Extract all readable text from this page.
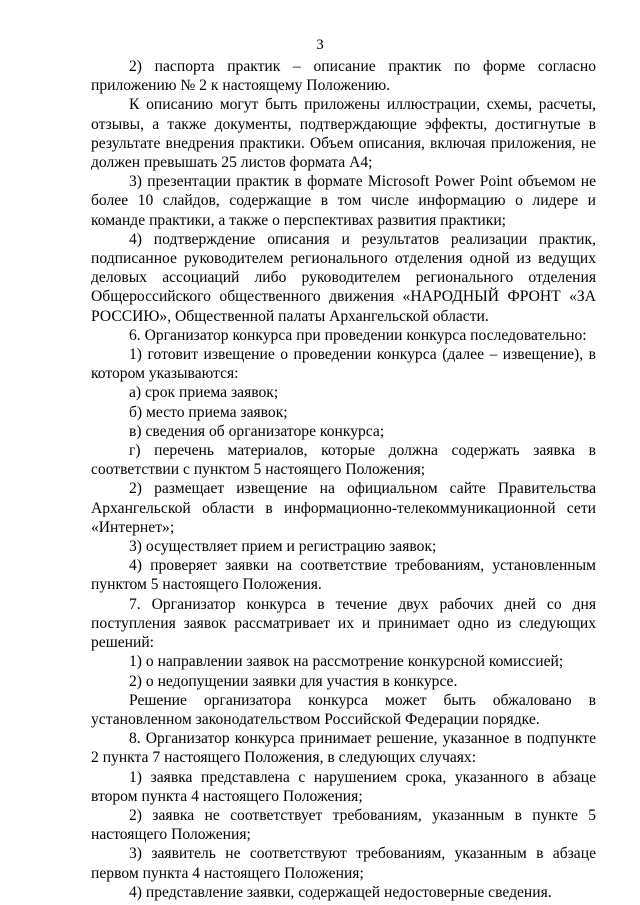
3

2) паспорта практик – описание практик по форме согласно приложению № 2 к настоящему Положению.

К описанию могут быть приложены иллюстрации, схемы, расчеты, отзывы, а также документы, подтверждающие эффекты, достигнутые в результате внедрения практики. Объем описания, включая приложения, не должен превышать 25 листов формата А4;

3) презентации практик в формате Microsoft Power Point объемом не более 10 слайдов, содержащие в том числе информацию о лидере и команде практики, а также о перспективах развития практики;

4) подтверждение описания и результатов реализации практик, подписанное руководителем регионального отделения одной из ведущих деловых ассоциаций либо руководителем регионального отделения Общероссийского общественного движения «НАРОДНЫЙ ФРОНТ «ЗА РОССИЮ», Общественной палаты Архангельской области.

6. Организатор конкурса при проведении конкурса последовательно:

1) готовит извещение о проведении конкурса (далее – извещение), в котором указываются:

а) срок приема заявок;

б) место приема заявок;

в) сведения об организаторе конкурса;

г) перечень материалов, которые должна содержать заявка в соответствии с пунктом 5 настоящего Положения;

2) размещает извещение на официальном сайте Правительства Архангельской области в информационно-телекоммуникационной сети «Интернет»;

3) осуществляет прием и регистрацию заявок;

4) проверяет заявки на соответствие требованиям, установленным пунктом 5 настоящего Положения.

7. Организатор конкурса в течение двух рабочих дней со дня поступления заявок рассматривает их и принимает одно из следующих решений:

1) о направлении заявок на рассмотрение конкурсной комиссией;

2) о недопущении заявки для участия в конкурсе.

Решение организатора конкурса может быть обжаловано в установленном законодательством Российской Федерации порядке.

8. Организатор конкурса принимает решение, указанное в подпункте 2 пункта 7 настоящего Положения, в следующих случаях:

1) заявка представлена с нарушением срока, указанного в абзаце втором пункта 4 настоящего Положения;

2) заявка не соответствует требованиям, указанным в пункте 5 настоящего Положения;

3) заявитель не соответствуют требованиям, указанным в абзаце первом пункта 4 настоящего Положения;

4) представление заявки, содержащей недостоверные сведения.
